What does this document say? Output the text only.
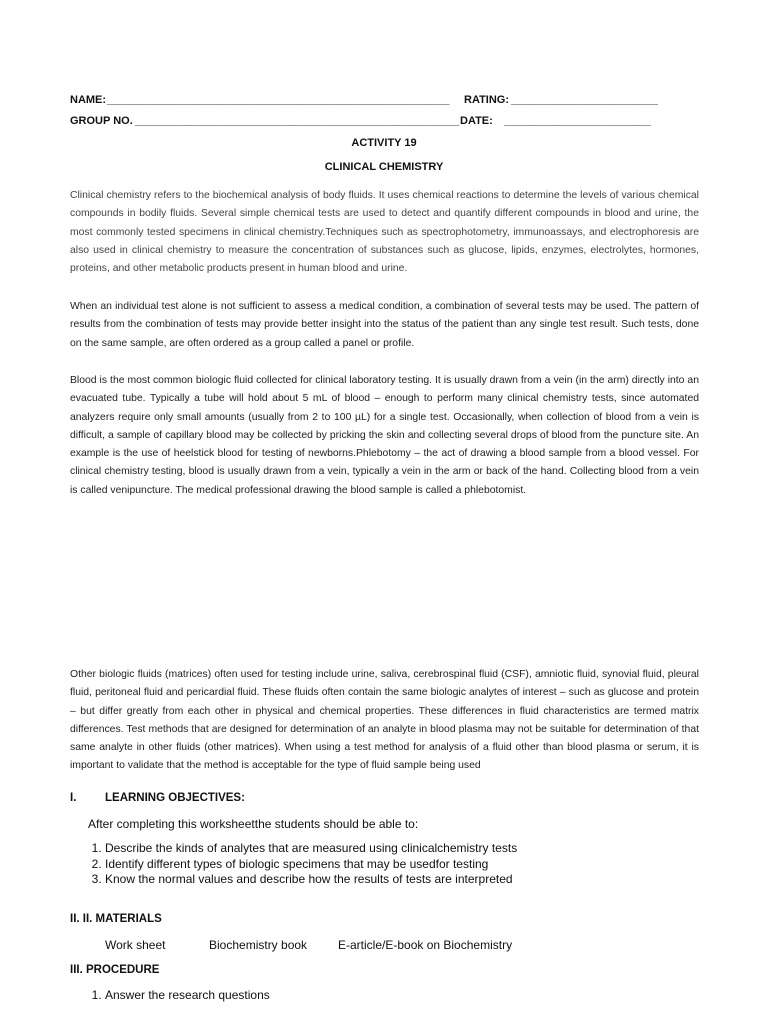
NAME: ________________________________________________________ RATING: ________________________
GROUP NO. _____________________________________________________ DATE: ________________________
ACTIVITY 19
CLINICAL CHEMISTRY

Clinical chemistry refers to the biochemical analysis of body fluids. It uses chemical reactions to determine the levels of various chemical compounds in bodily fluids. Several simple chemical tests are used to detect and quantify different compounds in blood and urine, the most commonly tested specimens in clinical chemistry.Techniques such as spectrophotometry, immunoassays, and electrophoresis are also used in clinical chemistry to measure the concentration of substances such as glucose, lipids, enzymes, electrolytes, hormones, proteins, and other metabolic products present in human blood and urine.

When an individual test alone is not sufficient to assess a medical condition, a combination of several tests may be used. The pattern of results from the combination of tests may provide better insight into the status of the patient than any single test result. Such tests, done on the same sample, are often ordered as a group called a panel or profile.

Blood is the most common biologic fluid collected for clinical laboratory testing. It is usually drawn from a vein (in the arm) directly into an evacuated tube. Typically a tube will hold about 5 mL of blood – enough to perform many clinical chemistry tests, since automated analyzers require only small amounts (usually from 2 to 100 µL) for a single test. Occasionally, when collection of blood from a vein is difficult, a sample of capillary blood may be collected by pricking the skin and collecting several drops of blood from the puncture site. An example is the use of heelstick blood for testing of newborns.Phlebotomy – the act of drawing a blood sample from a blood vessel. For clinical chemistry testing, blood is usually drawn from a vein, typically a vein in the arm or back of the hand. Collecting blood from a vein is called venipuncture. The medical professional drawing the blood sample is called a phlebotomist.

Other biologic fluids (matrices) often used for testing include urine, saliva, cerebrospinal fluid (CSF), amniotic fluid, synovial fluid, pleural fluid, peritoneal fluid and pericardial fluid. These fluids often contain the same biologic analytes of interest – such as glucose and protein – but differ greatly from each other in physical and chemical properties. These differences in fluid characteristics are termed matrix differences. Test methods that are designed for determination of an analyte in blood plasma may not be suitable for determination of that same analyte in other fluids (other matrices). When using a test method for analysis of a fluid other than blood plasma or serum, it is important to validate that the method is acceptable for the type of fluid sample being used

I. LEARNING OBJECTIVES:
After completing this worksheetthe students should be able to:
1. Describe the kinds of analytes that are measured using clinicalchemistry tests
2. Identify different types of biologic specimens that may be usedfor testing
3. Know the normal values and describe how the results of tests are interpreted
II. II. MATERIALS
Work sheet	Biochemistry book	E-article/E-book on Biochemistry
III. PROCEDURE
1. Answer the research questions
